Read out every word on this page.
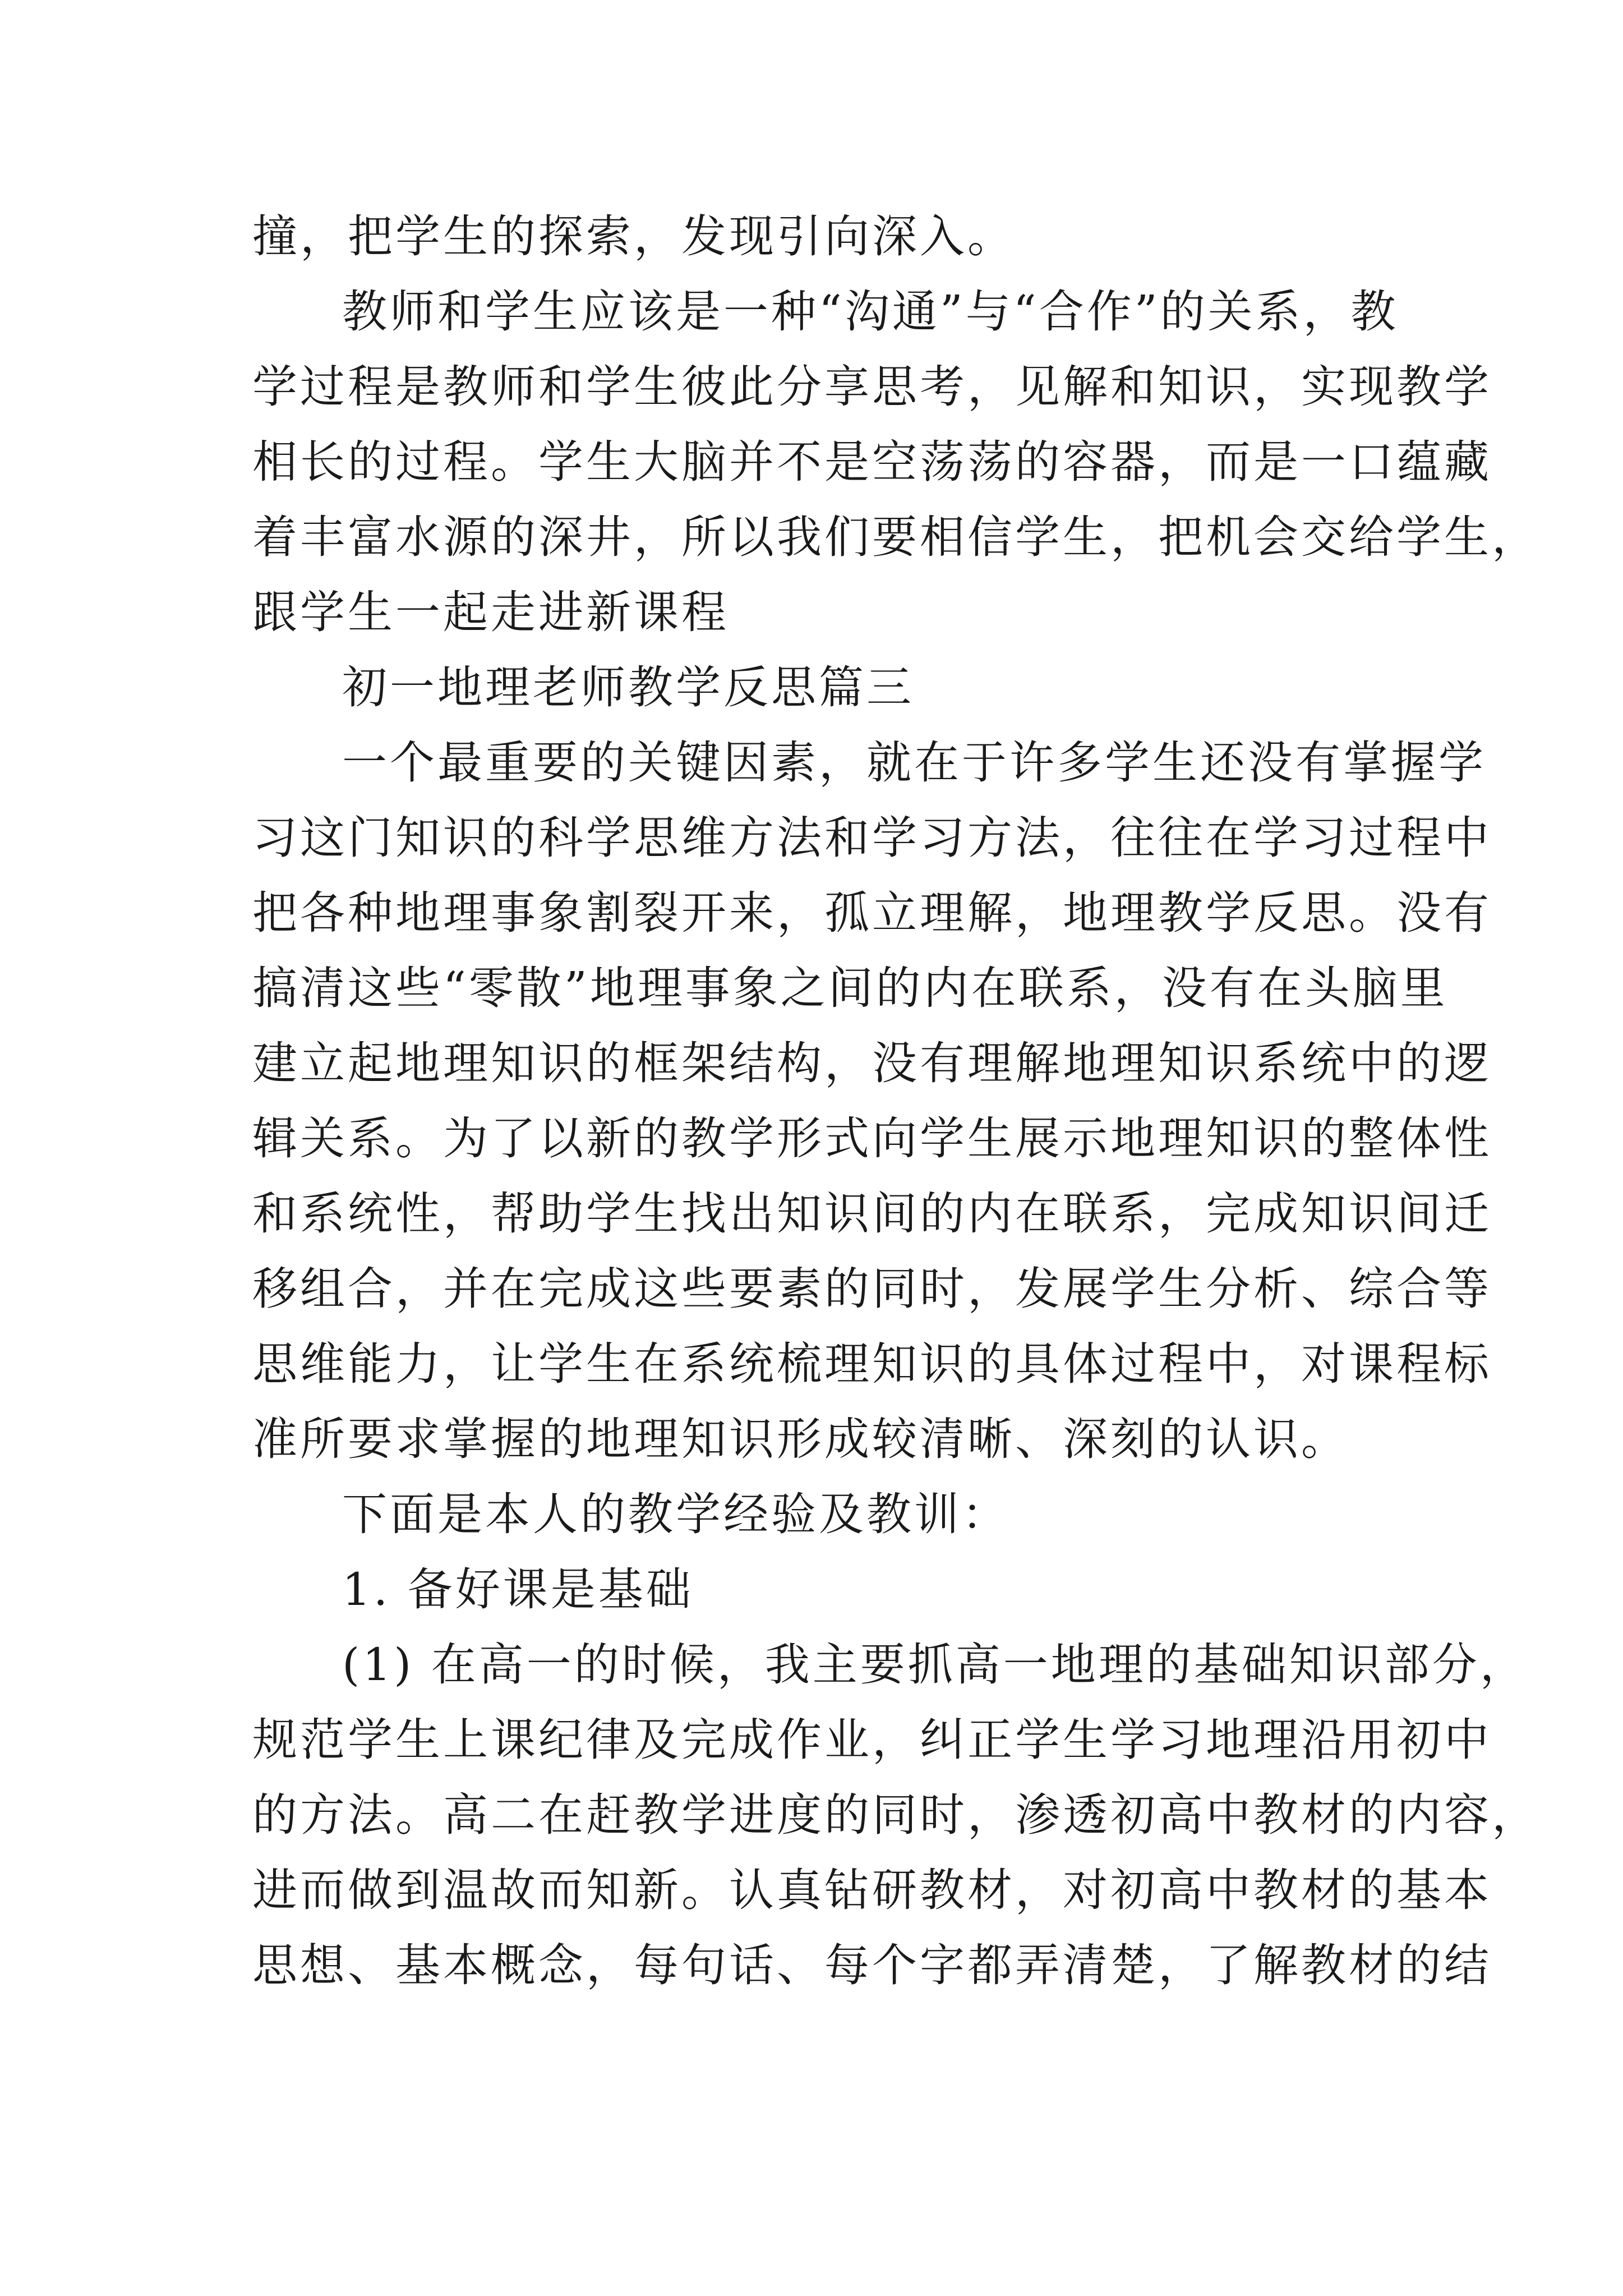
撞，把学生的探索，发现引向深入。

教师和学生应该是一种“沟通”与“合作”的关系，教
学过程是教师和学生彼此分享思考，见解和知识，实现教学
相长的过程。学生大脑并不是空荡荡的容器，而是一口蕴藏
着丰富水源的深井，所以我们要相信学生，把机会交给学生，
跟学生一起走进新课程

初一地理老师教学反思篇三

一个最重要的关键因素，就在于许多学生还没有掌握学
习这门知识的科学思维方法和学习方法，往往在学习过程中
把各种地理事象割裂开来，孤立理解，地理教学反思。没有
搞清这些“零散”地理事象之间的内在联系，没有在头脑里
建立起地理知识的框架结构，没有理解地理知识系统中的逻
辑关系。为了以新的教学形式向学生展示地理知识的整体性
和系统性，帮助学生找出知识间的内在联系，完成知识间迁
移组合，并在完成这些要素的同时，发展学生分析、综合等
思维能力，让学生在系统梳理知识的具体过程中，对课程标
准所要求掌握的地理知识形成较清晰、深刻的认识。

下面是本人的教学经验及教训：

1. 备好课是基础

(1) 在高一的时候，我主要抓高一地理的基础知识部分，
规范学生上课纪律及完成作业，纠正学生学习地理沿用初中
的方法。高二在赶教学进度的同时，渗透初高中教材的内容，
进而做到温故而知新。认真钻研教材，对初高中教材的基本
思想、基本概念，每句话、每个字都弄清楚，了解教材的结
